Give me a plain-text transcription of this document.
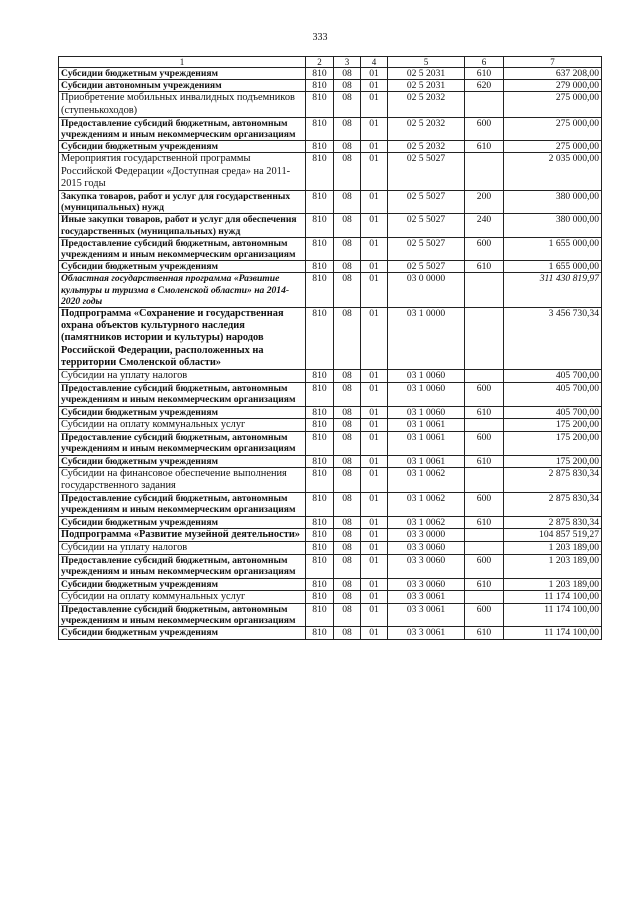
333
1	2	3	4	5	6	7
Субсидии бюджетным учреждениям	810	08	01	02 5 2031	610	637 208,00
Субсидии автономным учреждениям	810	08	01	02 5 2031	620	279 000,00
Приобретение мобильных инвалидных подъемников (ступенькоходов)	810	08	01	02 5 2032		275 000,00
Предоставление субсидий бюджетным, автономным учреждениям и иным некоммерческим организациям	810	08	01	02 5 2032	600	275 000,00
Субсидии бюджетным учреждениям	810	08	01	02 5 2032	610	275 000,00
Мероприятия государственной программы Российской Федерации «Доступная среда» на 2011-2015 годы	810	08	01	02 5 5027		2 035 000,00
Закупка товаров, работ и услуг для государственных (муниципальных) нужд	810	08	01	02 5 5027	200	380 000,00
Иные закупки товаров, работ и услуг для обеспечения государственных (муниципальных) нужд	810	08	01	02 5 5027	240	380 000,00
Предоставление субсидий бюджетным, автономным учреждениям и иным некоммерческим организациям	810	08	01	02 5 5027	600	1 655 000,00
Субсидии бюджетным учреждениям	810	08	01	02 5 5027	610	1 655 000,00
Областная государственная программа «Развитие культуры и туризма в Смоленской области» на 2014-2020 годы	810	08	01	03 0 0000		311 430 819,97
Подпрограмма «Сохранение и государственная охрана объектов культурного наследия (памятников истории и культуры) народов Российской Федерации, расположенных на территории Смоленской области»	810	08	01	03 1 0000		3 456 730,34
Субсидии на уплату налогов	810	08	01	03 1 0060		405 700,00
Предоставление субсидий бюджетным, автономным учреждениям и иным некоммерческим организациям	810	08	01	03 1 0060	600	405 700,00
Субсидии бюджетным учреждениям	810	08	01	03 1 0060	610	405 700,00
Субсидии на оплату коммунальных услуг	810	08	01	03 1 0061		175 200,00
Предоставление субсидий бюджетным, автономным учреждениям и иным некоммерческим организациям	810	08	01	03 1 0061	600	175 200,00
Субсидии бюджетным учреждениям	810	08	01	03 1 0061	610	175 200,00
Субсидии на финансовое обеспечение выполнения государственного задания	810	08	01	03 1 0062		2 875 830,34
Предоставление субсидий бюджетным, автономным учреждениям и иным некоммерческим организациям	810	08	01	03 1 0062	600	2 875 830,34
Субсидии бюджетным учреждениям	810	08	01	03 1 0062	610	2 875 830,34
Подпрограмма «Развитие музейной деятельности»	810	08	01	03 3 0000		104 857 519,27
Субсидии на уплату налогов	810	08	01	03 3 0060		1 203 189,00
Предоставление субсидий бюджетным, автономным учреждениям и иным некоммерческим организациям	810	08	01	03 3 0060	600	1 203 189,00
Субсидии бюджетным учреждениям	810	08	01	03 3 0060	610	1 203 189,00
Субсидии на оплату коммунальных услуг	810	08	01	03 3 0061		11 174 100,00
Предоставление субсидий бюджетным, автономным учреждениям и иным некоммерческим организациям	810	08	01	03 3 0061	600	11 174 100,00
Субсидии бюджетным учреждениям	810	08	01	03 3 0061	610	11 174 100,00
